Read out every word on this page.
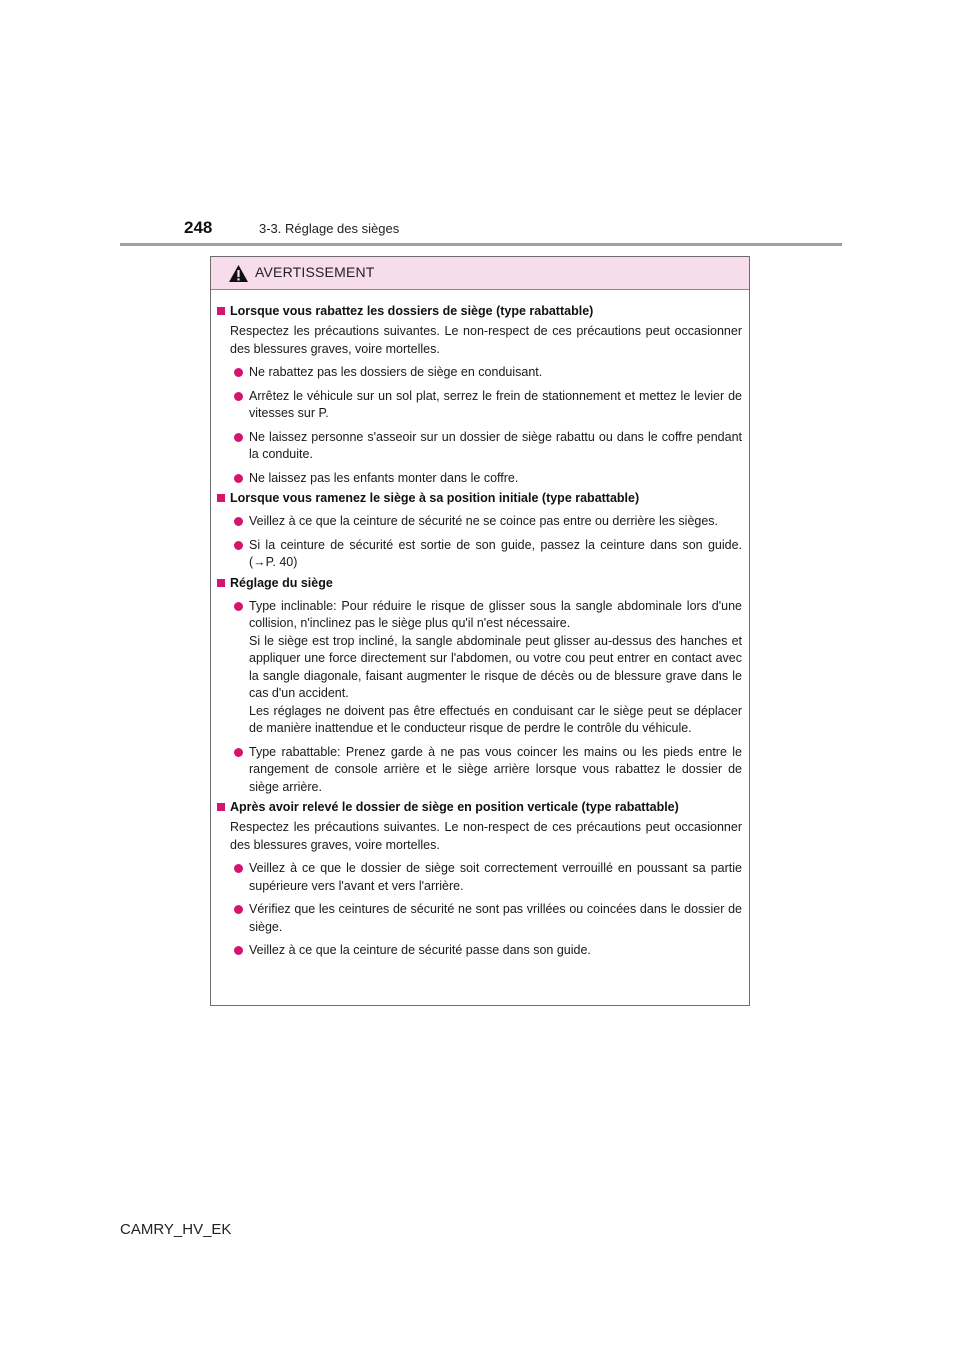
248	3-3. Réglage des sièges
AVERTISSEMENT
Lorsque vous rabattez les dossiers de siège (type rabattable)
Respectez les précautions suivantes. Le non-respect de ces précautions peut occasionner des blessures graves, voire mortelles.
Ne rabattez pas les dossiers de siège en conduisant.
Arrêtez le véhicule sur un sol plat, serrez le frein de stationnement et mettez le levier de vitesses sur P.
Ne laissez personne s'asseoir sur un dossier de siège rabattu ou dans le coffre pendant la conduite.
Ne laissez pas les enfants monter dans le coffre.
Lorsque vous ramenez le siège à sa position initiale (type rabattable)
Veillez à ce que la ceinture de sécurité ne se coince pas entre ou derrière les sièges.
Si la ceinture de sécurité est sortie de son guide, passez la ceinture dans son guide. (→P. 40)
Réglage du siège
Type inclinable: Pour réduire le risque de glisser sous la sangle abdominale lors d'une collision, n'inclinez pas le siège plus qu'il n'est nécessaire.
Si le siège est trop incliné, la sangle abdominale peut glisser au-dessus des hanches et appliquer une force directement sur l'abdomen, ou votre cou peut entrer en contact avec la sangle diagonale, faisant augmenter le risque de décès ou de blessure grave dans le cas d'un accident.
Les réglages ne doivent pas être effectués en conduisant car le siège peut se déplacer de manière inattendue et le conducteur risque de perdre le contrôle du véhicule.
Type rabattable: Prenez garde à ne pas vous coincer les mains ou les pieds entre le rangement de console arrière et le siège arrière lorsque vous rabattez le dossier de siège arrière.
Après avoir relevé le dossier de siège en position verticale (type rabattable)
Respectez les précautions suivantes. Le non-respect de ces précautions peut occasionner des blessures graves, voire mortelles.
Veillez à ce que le dossier de siège soit correctement verrouillé en poussant sa partie supérieure vers l'avant et vers l'arrière.
Vérifiez que les ceintures de sécurité ne sont pas vrillées ou coincées dans le dossier de siège.
Veillez à ce que la ceinture de sécurité passe dans son guide.
CAMRY_HV_EK
